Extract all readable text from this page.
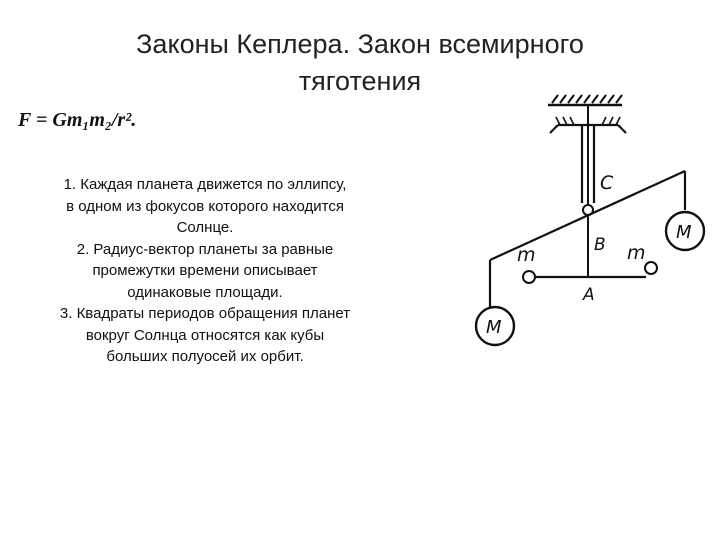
Законы Кеплера. Закон всемирного
тяготения
F = Gm₁m₂/r².
1. Каждая планета движется по эллипсу,
в одном из фокусов которого находится
Солнце.
2. Радиус-вектор планеты за равные
промежутки времени описывает
одинаковые площади.
3. Квадраты периодов обращения планет
вокруг Солнца относятся как кубы
больших полуосей их орбит.
C
B
A
m	m
M
M
